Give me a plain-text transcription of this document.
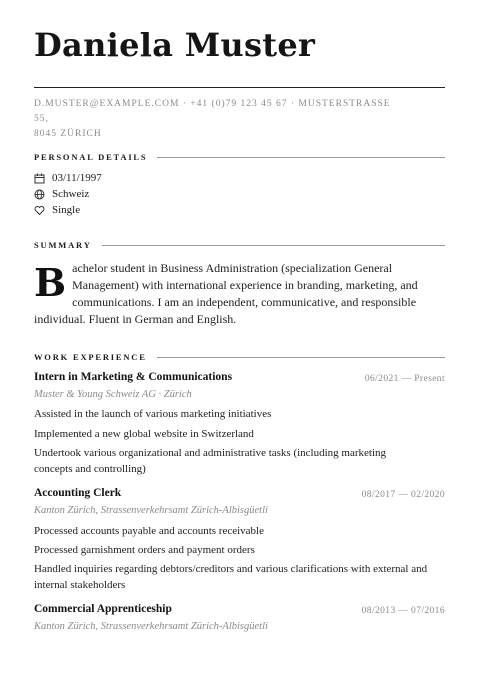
Daniela Muster
D.MUSTER@EXAMPLE.COM · +41 (0)79 123 45 67 · MUSTERSTRASSE 55,
8045 ZÜRICH
PERSONAL DETAILS
03/11/1997
Schweiz
Single
SUMMARY
B achelor student in Business Administration (specialization General Management) with international experience in branding, marketing, and communications. I am an independent, communicative, and responsible individual. Fluent in German and English.
WORK EXPERIENCE
Intern in Marketing & Communications	06/2021 — Present
Muster & Young Schweiz AG · Zürich
Assisted in the launch of various marketing initiatives
Implemented a new global website in Switzerland
Undertook various organizational and administrative tasks (including marketing concepts and controlling)
Accounting Clerk	08/2017 — 02/2020
Kanton Zürich, Strassenverkehrsamt Zürich-Albisgüetli
Processed accounts payable and accounts receivable
Processed garnishment orders and payment orders
Handled inquiries regarding debtors/creditors and various clarifications with external and internal stakeholders
Commercial Apprenticeship	08/2013 — 07/2016
Kanton Zürich, Strassenverkehrsamt Zürich-Albisgüetli
